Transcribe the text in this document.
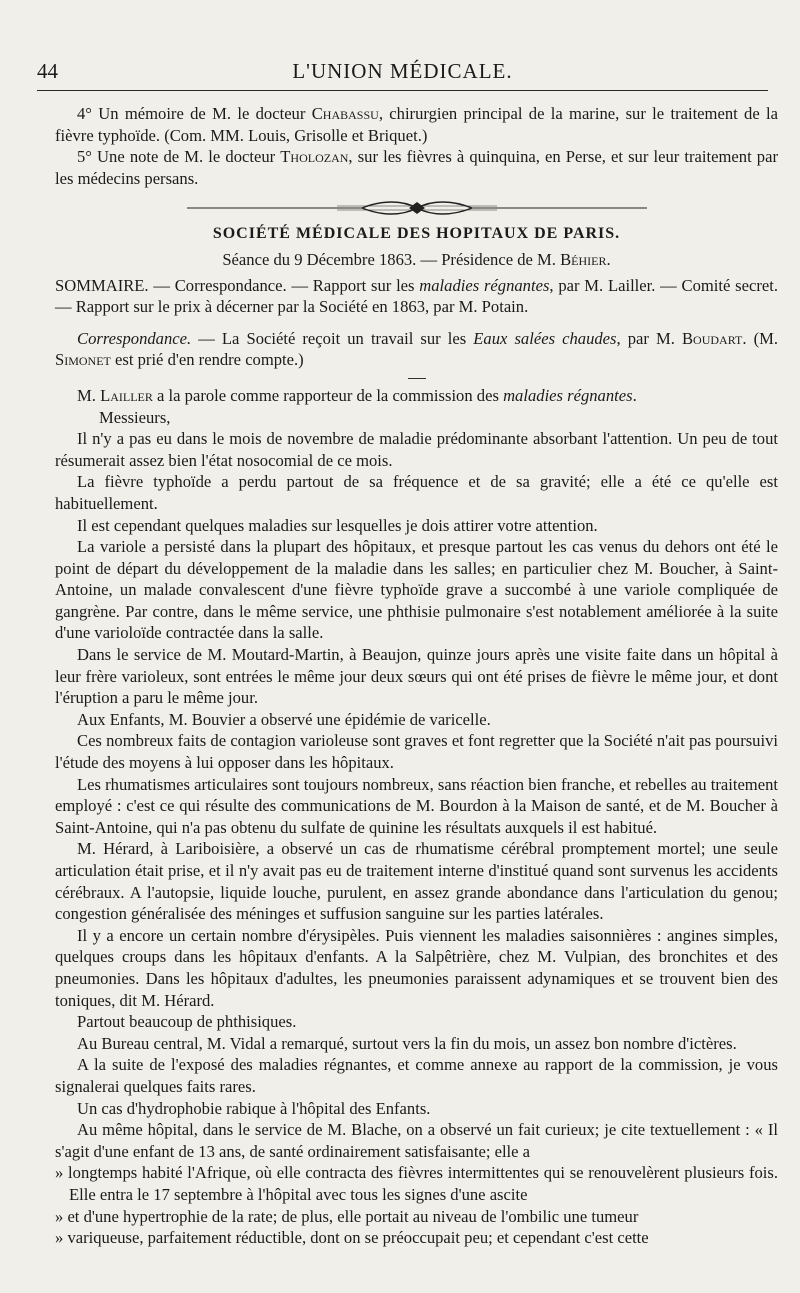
44	L'UNION MÉDICALE.

4° Un mémoire de M. le docteur Chabassu, chirurgien principal de la marine, sur le traitement de la fièvre typhoïde. (Com. MM. Louis, Grisolle et Briquet.)

5° Une note de M. le docteur Tholozan, sur les fièvres à quinquina, en Perse, et sur leur traitement par les médecins persans.

SOCIÉTÉ MÉDICALE DES HOPITAUX DE PARIS.

Séance du 9 Décembre 1863. — Présidence de M. Béhier.

SOMMAIRE. — Correspondance. — Rapport sur les maladies régnantes, par M. Lailler. — Comité secret. — Rapport sur le prix à décerner par la Société en 1863, par M. Potain.

Correspondance. — La Société reçoit un travail sur les Eaux salées chaudes, par M. Boudart. (M. Simonet est prié d'en rendre compte.)

M. Lailler a la parole comme rapporteur de la commission des maladies régnantes.

Messieurs,

Il n'y a pas eu dans le mois de novembre de maladie prédominante absorbant l'attention. Un peu de tout résumerait assez bien l'état nosocomial de ce mois.

La fièvre typhoïde a perdu partout de sa fréquence et de sa gravité; elle a été ce qu'elle est habituellement.

Il est cependant quelques maladies sur lesquelles je dois attirer votre attention.

La variole a persisté dans la plupart des hôpitaux, et presque partout les cas venus du dehors ont été le point de départ du développement de la maladie dans les salles; en particulier chez M. Boucher, à Saint-Antoine, un malade convalescent d'une fièvre typhoïde grave a succombé à une variole compliquée de gangrène. Par contre, dans le même service, une phthisie pulmonaire s'est notablement améliorée à la suite d'une varioloïde contractée dans la salle.

Dans le service de M. Moutard-Martin, à Beaujon, quinze jours après une visite faite dans un hôpital à leur frère varioleux, sont entrées le même jour deux sœurs qui ont été prises de fièvre le même jour, et dont l'éruption a paru le même jour.

Aux Enfants, M. Bouvier a observé une épidémie de varicelle.

Ces nombreux faits de contagion varioleuse sont graves et font regretter que la Société n'ait pas poursuivi l'étude des moyens à lui opposer dans les hôpitaux.

Les rhumatismes articulaires sont toujours nombreux, sans réaction bien franche, et rebelles au traitement employé : c'est ce qui résulte des communications de M. Bourdon à la Maison de santé, et de M. Boucher à Saint-Antoine, qui n'a pas obtenu du sulfate de quinine les résultats auxquels il est habitué.

M. Hérard, à Lariboisière, a observé un cas de rhumatisme cérébral promptement mortel; une seule articulation était prise, et il n'y avait pas eu de traitement interne d'institué quand sont survenus les accidents cérébraux. A l'autopsie, liquide louche, purulent, en assez grande abondance dans l'articulation du genou; congestion généralisée des méninges et suffusion sanguine sur les parties latérales.

Il y a encore un certain nombre d'érysipèles. Puis viennent les maladies saisonnières : angines simples, quelques croups dans les hôpitaux d'enfants. A la Salpêtrière, chez M. Vulpian, des bronchites et des pneumonies. Dans les hôpitaux d'adultes, les pneumonies paraissent adynamiques et se trouvent bien des toniques, dit M. Hérard.

Partout beaucoup de phthisiques.

Au Bureau central, M. Vidal a remarqué, surtout vers la fin du mois, un assez bon nombre d'ictères.

A la suite de l'exposé des maladies régnantes, et comme annexe au rapport de la commission, je vous signalerai quelques faits rares.

Un cas d'hydrophobie rabique à l'hôpital des Enfants.

Au même hôpital, dans le service de M. Blache, on a observé un fait curieux; je cite textuellement : « Il s'agit d'une enfant de 13 ans, de santé ordinairement satisfaisante; elle a

» longtemps habité l'Afrique, où elle contracta des fièvres intermittentes qui se renouvelèrent plusieurs fois. Elle entra le 17 septembre à l'hôpital avec tous les signes d'une ascite

» et d'une hypertrophie de la rate; de plus, elle portait au niveau de l'ombilic une tumeur

» variqueuse, parfaitement réductible, dont on se préoccupait peu; et cependant c'est cette
